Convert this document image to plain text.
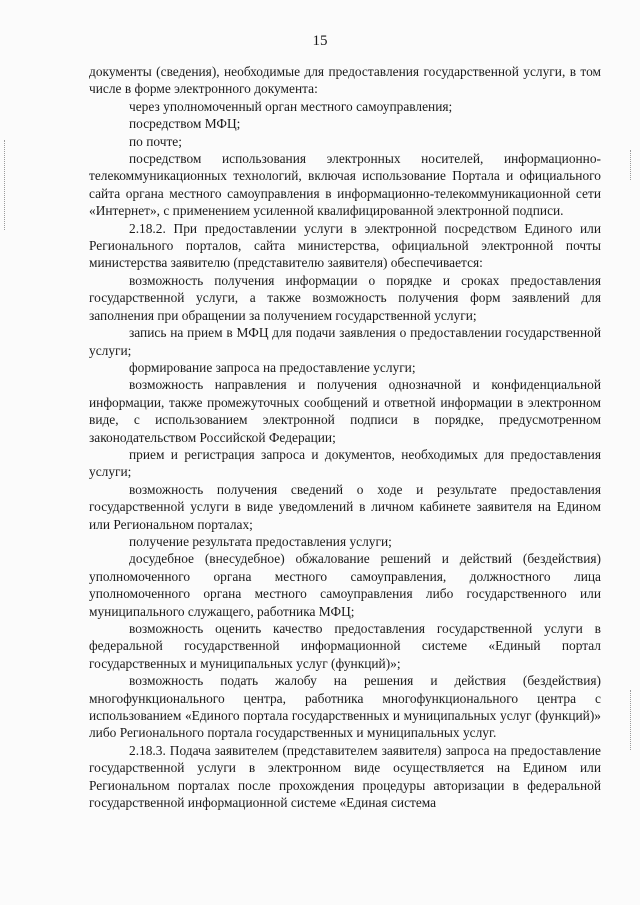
15

документы (сведения), необходимые для предоставления государственной услуги, в том числе в форме электронного документа:

через уполномоченный орган местного самоуправления;

посредством МФЦ;

по почте;

посредством использования электронных носителей, информационно-телекоммуникационных технологий, включая использование Портала и официального сайта органа местного самоуправления в информационно-телекоммуникационной сети «Интернет», с применением усиленной квалифицированной электронной подписи.

2.18.2. При предоставлении услуги в электронной посредством Единого или Регионального порталов, сайта министерства, официальной электронной почты министерства заявителю (представителю заявителя) обеспечивается:

возможность получения информации о порядке и сроках предоставления государственной услуги, а также возможность получения форм заявлений для заполнения при обращении за получением государственной услуги;

запись на прием в МФЦ для подачи заявления о предоставлении государственной услуги;

формирование запроса на предоставление услуги;

возможность направления и получения однозначной и конфиденциальной информации, также промежуточных сообщений и ответной информации в электронном виде, с использованием электронной подписи в порядке, предусмотренном законодательством Российской Федерации;

прием и регистрация запроса и документов, необходимых для предоставления услуги;

возможность получения сведений о ходе и результате предоставления государственной услуги в виде уведомлений в личном кабинете заявителя на Едином или Региональном порталах;

получение результата предоставления услуги;

досудебное (внесудебное) обжалование решений и действий (бездействия) уполномоченного органа местного самоуправления, должностного лица уполномоченного органа местного самоуправления либо государственного или муниципального служащего, работника МФЦ;

возможность оценить качество предоставления государственной услуги в федеральной государственной информационной системе «Единый портал государственных и муниципальных услуг (функций)»;

возможность подать жалобу на решения и действия (бездействия) многофункционального центра, работника многофункционального центра с использованием «Единого портала государственных и муниципальных услуг (функций)» либо Регионального портала государственных и муниципальных услуг.

2.18.3. Подача заявителем (представителем заявителя) запроса на предоставление государственной услуги в электронном виде осуществляется на Едином или Региональном порталах после прохождения процедуры авторизации в федеральной государственной информационной системе «Единая система
